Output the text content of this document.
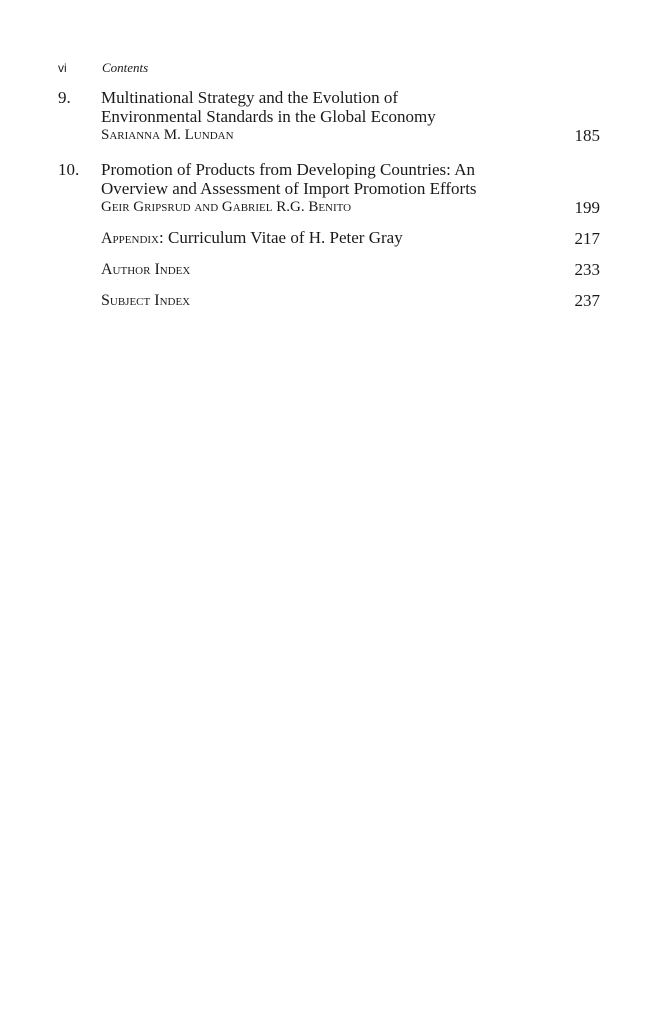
vi	Contents
9.	Multinational Strategy and the Evolution of
Environmental Standards in the Global Economy
Sarianna M. Lundan	185
10.	Promotion of Products from Developing Countries: An
Overview and Assessment of Import Promotion Efforts
Geir Gripsrud and Gabriel R.G. Benito	199
Appendix: Curriculum Vitae of H. Peter Gray	217
Author Index	233
Subject Index	237
